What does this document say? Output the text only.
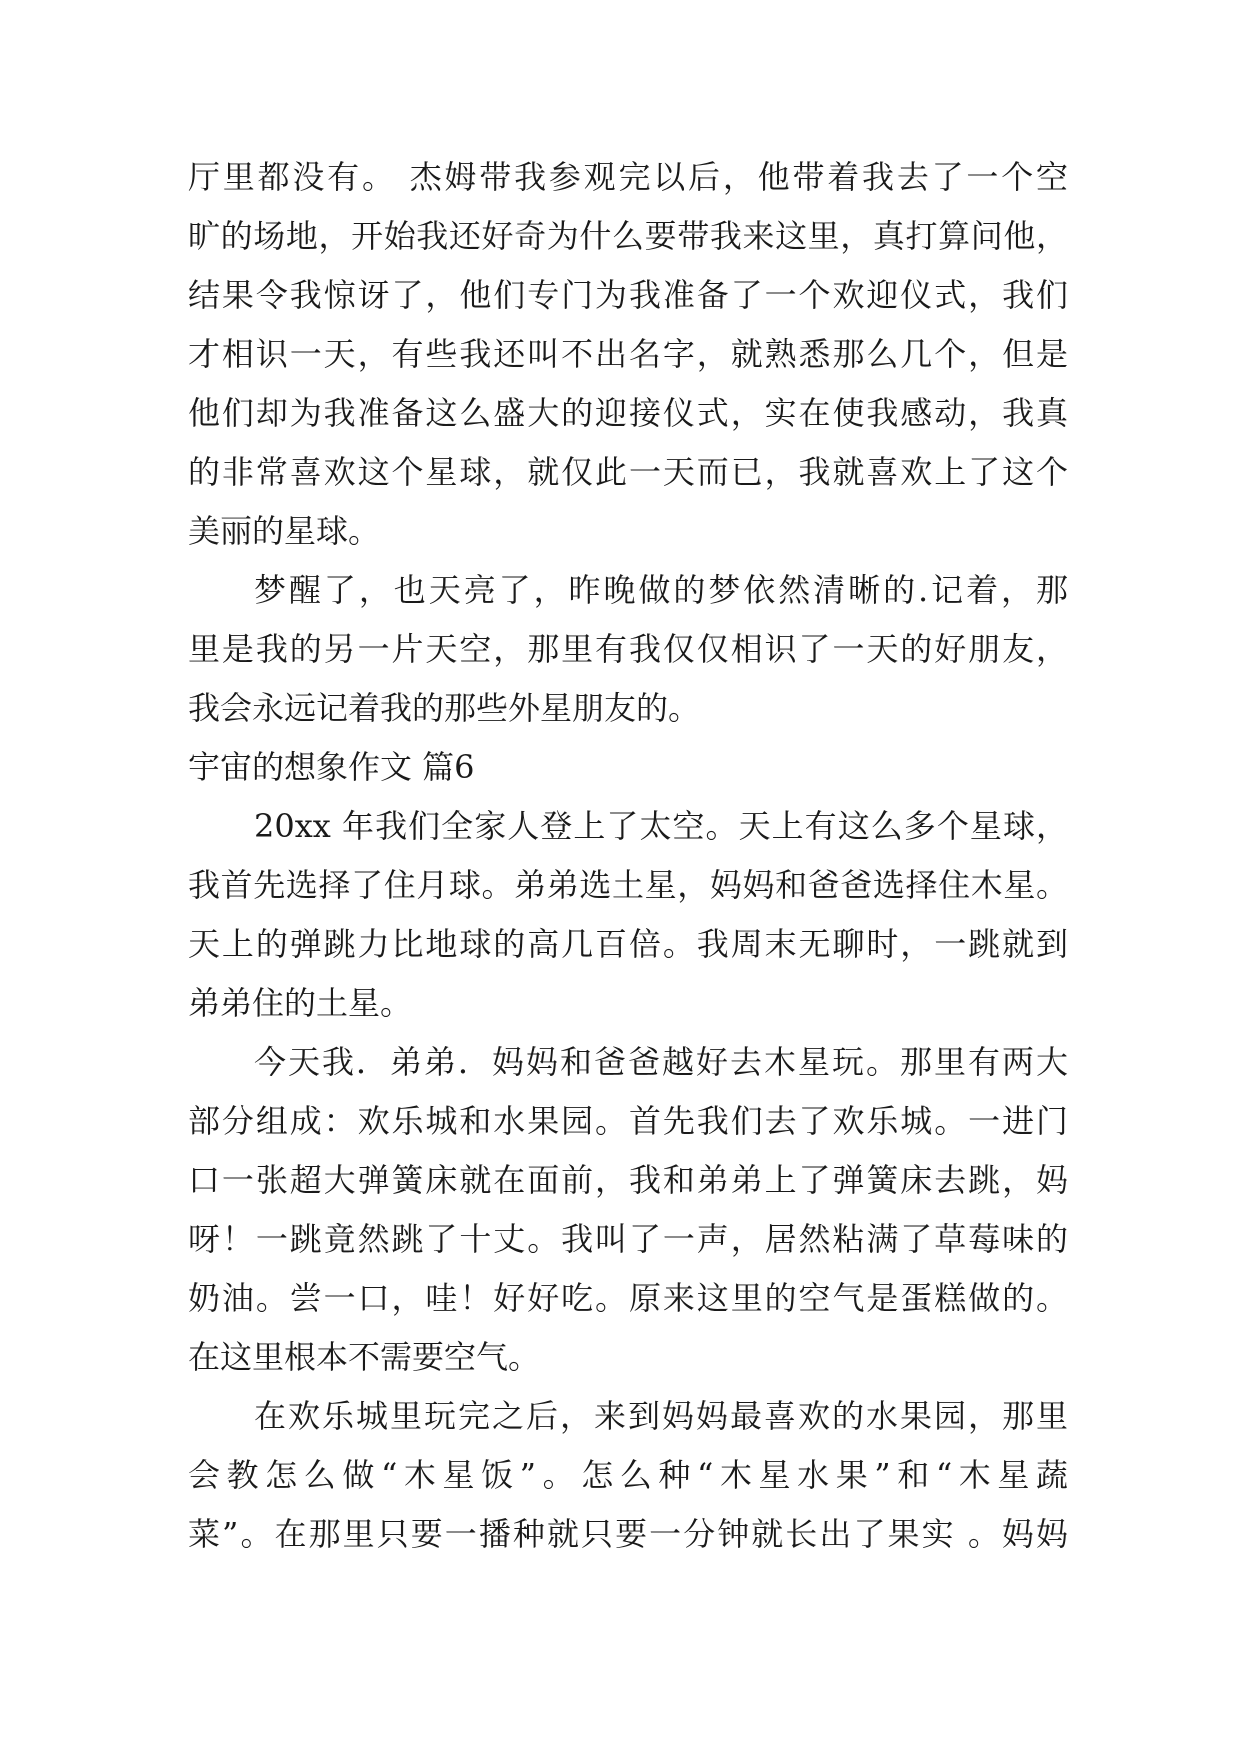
厅里都没有。 杰姆带我参观完以后，他带着我去了一个空
旷的场地，开始我还好奇为什么要带我来这里，真打算问他，
结果令我惊讶了，他们专门为我准备了一个欢迎仪式，我们
才相识一天，有些我还叫不出名字，就熟悉那么几个，但是
他们却为我准备这么盛大的迎接仪式，实在使我感动，我真
的非常喜欢这个星球，就仅此一天而已，我就喜欢上了这个
美丽的星球。
梦醒了，也天亮了，昨晚做的梦依然清晰的.记着，那
里是我的另一片天空，那里有我仅仅相识了一天的好朋友，
我会永远记着我的那些外星朋友的。
宇宙的想象作文 篇6
20xx 年我们全家人登上了太空。天上有这么多个星球，
我首先选择了住月球。弟弟选土星，妈妈和爸爸选择住木星。
天上的弹跳力比地球的高几百倍。我周末无聊时，一跳就到
弟弟住的土星。
今天我．弟弟．妈妈和爸爸越好去木星玩。那里有两大
部分组成：欢乐城和水果园。首先我们去了欢乐城。一进门
口一张超大弹簧床就在面前，我和弟弟上了弹簧床去跳，妈
呀！一跳竟然跳了十丈。我叫了一声，居然粘满了草莓味的
奶油。尝一口，哇！好好吃。原来这里的空气是蛋糕做的。
在这里根本不需要空气。
在欢乐城里玩完之后，来到妈妈最喜欢的水果园，那里
会教怎么做“木星饭”。怎么种“木星水果”和“木星蔬
菜”。在那里只要一播种就只要一分钟就长出了果实 。妈妈
